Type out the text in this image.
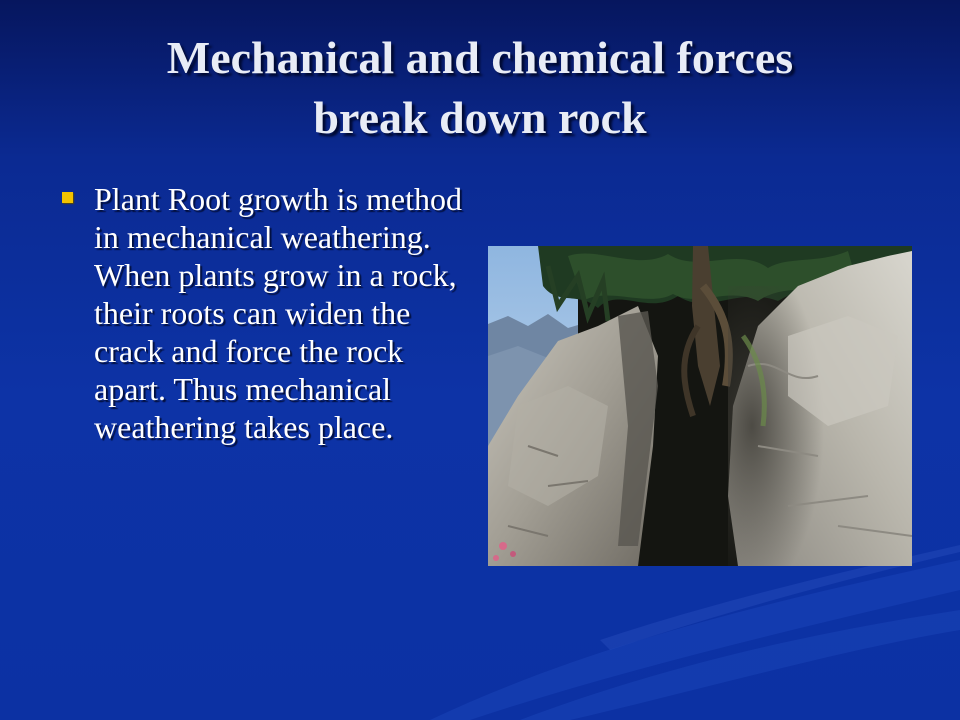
Mechanical and chemical forces
break down rock
Plant Root growth is method in mechanical weathering. When plants grow in a rock, their roots can widen the crack and force the rock apart. Thus mechanical weathering takes place.
